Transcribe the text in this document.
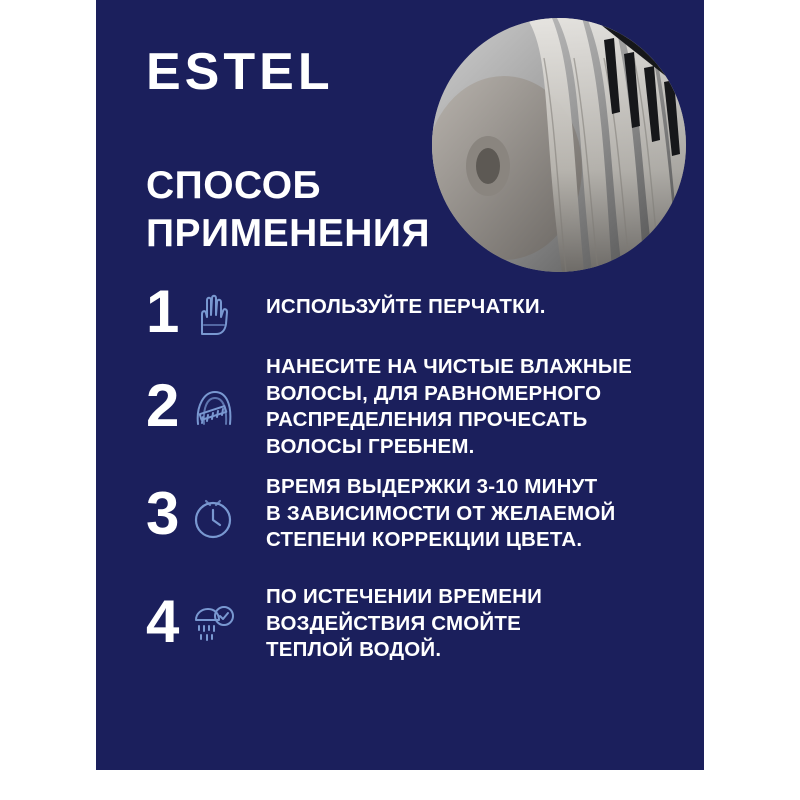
ESTEL
СПОСОБ ПРИМЕНЕНИЯ
1	ИСПОЛЬЗУЙТЕ ПЕРЧАТКИ.
2
НАНЕСИТЕ НА ЧИСТЫЕ ВЛАЖНЫЕ
ВОЛОСЫ, ДЛЯ РАВНОМЕРНОГО
РАСПРЕДЕЛЕНИЯ ПРОЧЕСАТЬ
ВОЛОСЫ ГРЕБНЕМ.
3	ВРЕМЯ ВЫДЕРЖКИ 3-10 МИНУТ
В ЗАВИСИМОСТИ ОТ ЖЕЛАЕМОЙ
СТЕПЕНИ КОРРЕКЦИИ ЦВЕТА.
4	ПО ИСТЕЧЕНИИ ВРЕМЕНИ
ВОЗДЕЙСТВИЯ СМОЙТЕ
ТЕПЛОЙ ВОДОЙ.
